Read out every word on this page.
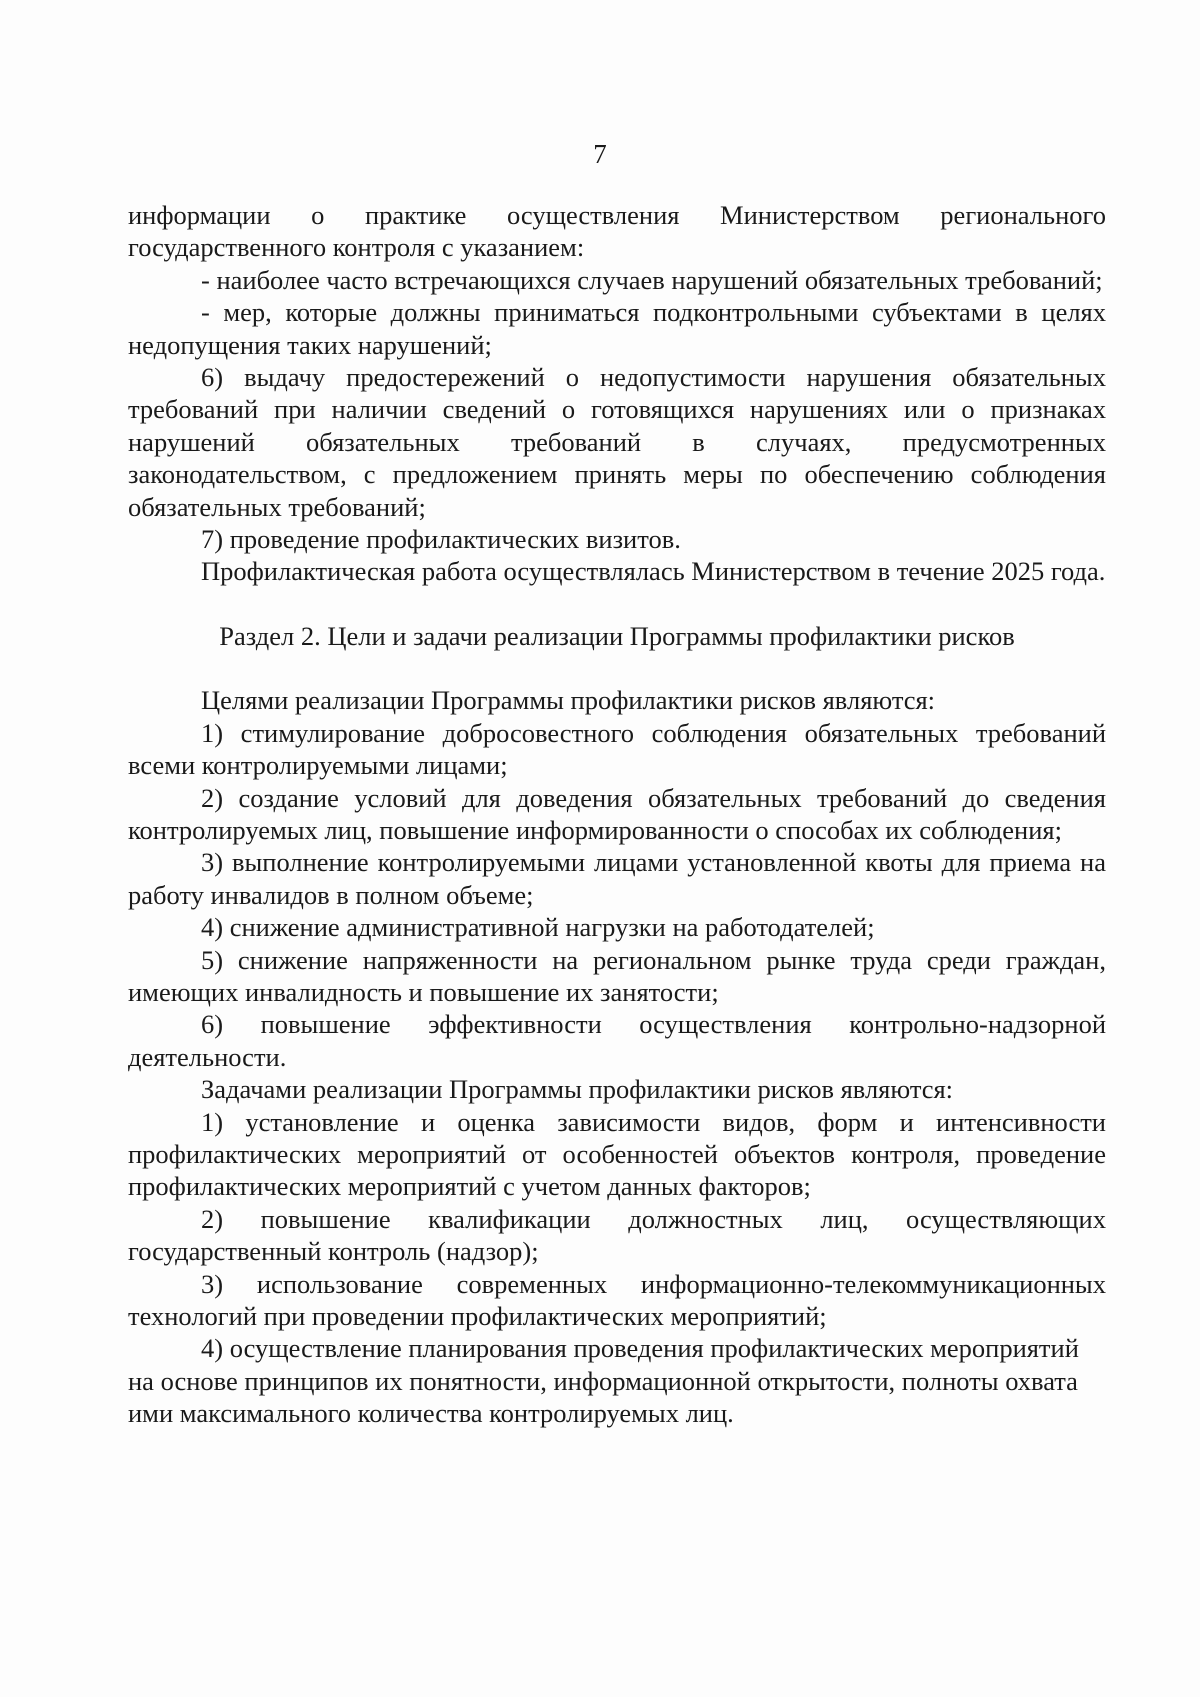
7

информации о практике осуществления Министерством регионального государственного контроля с указанием:

- наиболее часто встречающихся случаев нарушений обязательных требований;

- мер, которые должны приниматься подконтрольными субъектами в целях недопущения таких нарушений;

6) выдачу предостережений о недопустимости нарушения обязательных требований при наличии сведений о готовящихся нарушениях или о признаках нарушений обязательных требований в случаях, предусмотренных законодательством, с предложением принять меры по обеспечению соблюдения обязательных требований;

7) проведение профилактических визитов.

Профилактическая работа осуществлялась Министерством в течение 2025 года.

Раздел 2. Цели и задачи реализации Программы профилактики рисков

Целями реализации Программы профилактики рисков являются:

1) стимулирование добросовестного соблюдения обязательных требований всеми контролируемыми лицами;

2) создание условий для доведения обязательных требований до сведения контролируемых лиц, повышение информированности о способах их соблюдения;

3) выполнение контролируемыми лицами установленной квоты для приема на работу инвалидов в полном объеме;

4) снижение административной нагрузки на работодателей;

5) снижение напряженности на региональном рынке труда среди граждан, имеющих инвалидность и повышение их занятости;

6) повышение эффективности осуществления контрольно-надзорной деятельности.

Задачами реализации Программы профилактики рисков являются:

1) установление и оценка зависимости видов, форм и интенсивности профилактических мероприятий от особенностей объектов контроля, проведение профилактических мероприятий с учетом данных факторов;

2) повышение квалификации должностных лиц, осуществляющих государственный контроль (надзор);

3) использование современных информационно-телекоммуникационных технологий при проведении профилактических мероприятий;

4) осуществление планирования проведения профилактических мероприятий на основе принципов их понятности, информационной открытости, полноты охвата ими максимального количества контролируемых лиц.
